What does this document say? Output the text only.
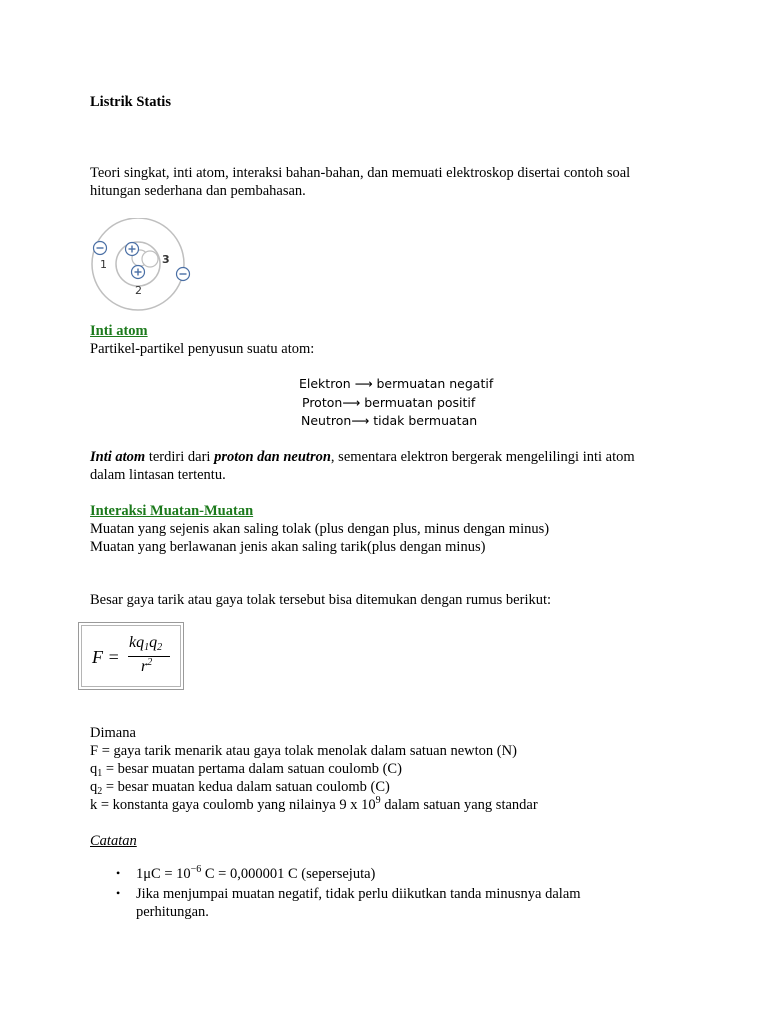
Listrik Statis
Teori singkat, inti atom, interaksi bahan-bahan, dan memuati elektroskop disertai contoh soal
hitungan sederhana dan pembahasan.
1
2
3
Inti atom
Partikel-partikel penyusun suatu atom:
Elektron ⟶ bermuatan negatif
Proton⟶ bermuatan positif
Neutron⟶ tidak bermuatan
Inti atom terdiri dari proton dan neutron, sementara elektron bergerak mengelilingi inti atom
dalam lintasan tertentu.
Interaksi Muatan-Muatan
Muatan yang sejenis akan saling tolak (plus dengan plus, minus dengan minus)
Muatan yang berlawanan jenis akan saling tarik(plus dengan minus)
Besar gaya tarik atau gaya tolak tersebut bisa ditemukan dengan rumus berikut:
F =
kq1q2
$r^2$
Dimana
F = gaya tarik menarik atau gaya tolak menolak dalam satuan newton (N)
$q_1$ = besar muatan pertama dalam satuan coulomb (C)
$q_2$ = besar muatan kedua dalam satuan coulomb (C)
k = konstanta gaya coulomb yang nilainya 9 x $10^9$ dalam satuan yang standar
Catatan
• $1\mu C = 10^{-6}$ C = 0,000001 C (sepersejuta)
• Jika menjumpai muatan negatif, tidak perlu diikutkan tanda minusnya dalam
perhitungan.
